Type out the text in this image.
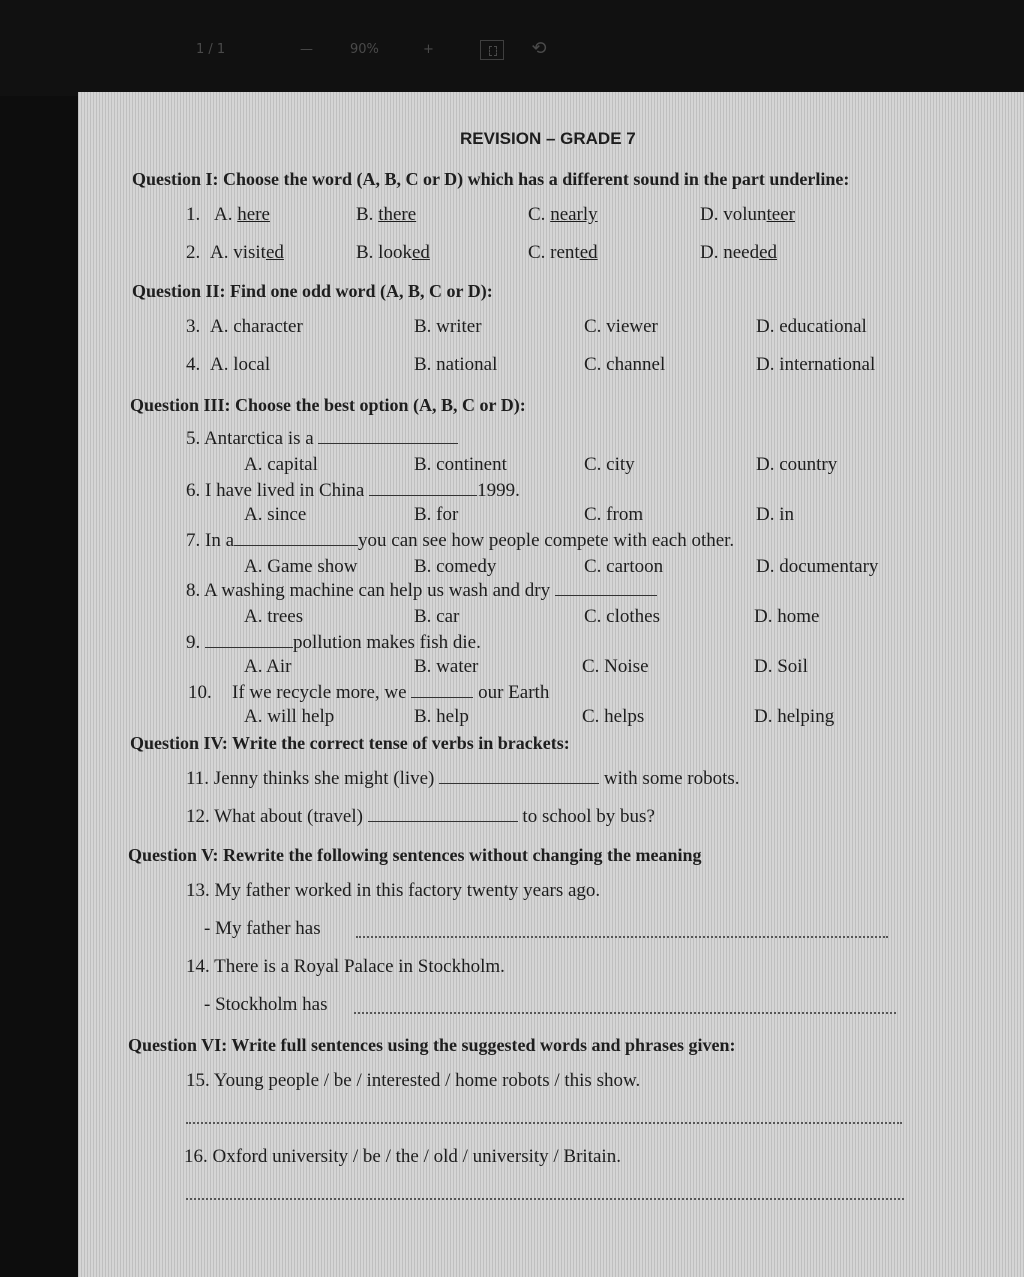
1 / 1	—	90%	+	⟲
REVISION – GRADE 7
Question I: Choose the word (A, B, C or D) which has a different sound in the part underline:
1. A. here	B. there	C. nearly	D. volunteer
2. A. visited	B. looked	C. rented	D. needed
Question II: Find one odd word (A, B, C or D):
3. A. character	B. writer	C. viewer	D. educational
4. A. local	B. national	C. channel	D. international
Question III: Choose the best option (A, B, C or D):
5. Antarctica is a
A. capital	B. continent	C. city	D. country
6. I have lived in China	1999.
A. since	B. for	C. from	D. in
7. In a	you can see how people compete with each other.
A. Game show	B. comedy	C. cartoon	D. documentary
8. A washing machine can help us wash and dry
A. trees	B. car	C. clothes	D. home
9.	pollution makes fish die.
A. Air	B. water	C. Noise	D. Soil
10. If we recycle more, we	our Earth
A. will help	B. help	C. helps	D. helping
Question IV: Write the correct tense of verbs in brackets:
11. Jenny thinks she might (live)	with some robots.
12. What about (travel)	to school by bus?
Question V: Rewrite the following sentences without changing the meaning
13. My father worked in this factory twenty years ago.
- My father has
14. There is a Royal Palace in Stockholm.
- Stockholm has
Question VI: Write full sentences using the suggested words and phrases given:
15. Young people / be / interested / home robots / this show.
16. Oxford university / be / the / old / university / Britain.
